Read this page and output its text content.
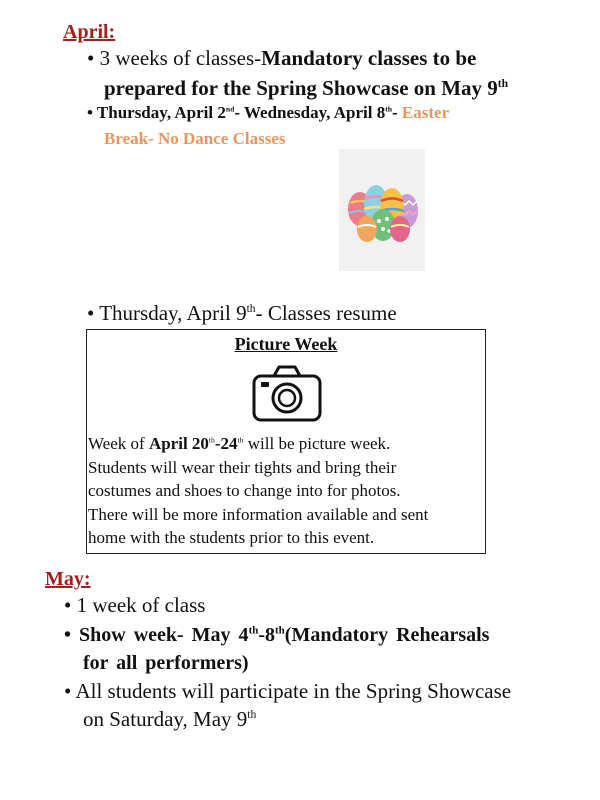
April:
• 3 weeks of classes-Mandatory classes to be
prepared for the Spring Showcase on May 9th
• Thursday, April 2nd- Wednesday, April 8th- Easter
Break- No Dance Classes
• Thursday, April 9th- Classes resume
Picture Week
Week of April 20th-24th will be picture week.
Students will wear their tights and bring their
costumes and shoes to change into for photos.
There will be more information available and sent
home with the students prior to this event.
May:
• 1 week of class
• Show week- May 4th-8th(Mandatory Rehearsals
for all performers)
• All students will participate in the Spring Showcase
on Saturday, May 9th
